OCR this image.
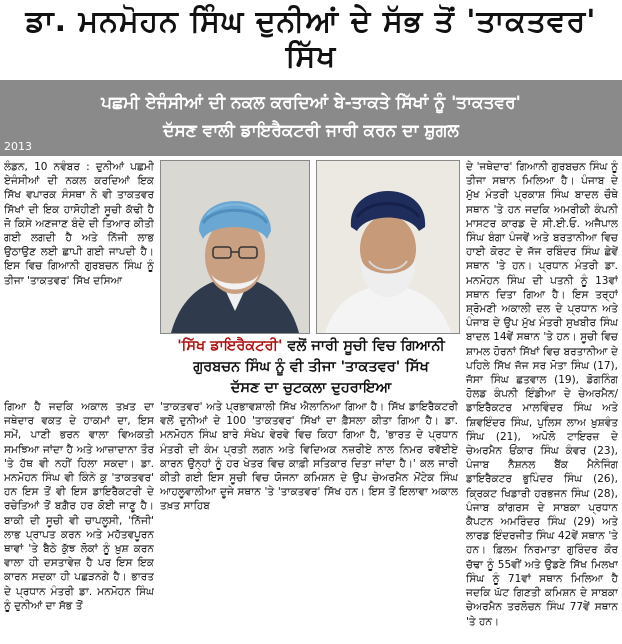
ਡਾ. ਮਨਮੋਹਨ ਸਿੰਘ ਦੁਨੀਆਂ ਦੇ ਸੱਭ ਤੋਂ 'ਤਾਕਤਵਰ' ਸਿੱਖ
ਪਛਮੀ ਏਜੰਸੀਆਂ ਦੀ ਨਕਲ ਕਰਦਿਆਂ ਬੇ-ਤਾਕਤੇ ਸਿੱਖਾਂ ਨੂੰ 'ਤਾਕਤਵਰ'
ਦੱਸਣ ਵਾਲੀ ਡਾਇਰੈਕਟਰੀ ਜਾਰੀ ਕਰਨ ਦਾ ਸ਼ੁਗਲ
2013
ਲੰਡਨ, 10 ਨਵੰਬਰ : ਦੁਨੀਆਂ ਪਛਮੀ ਏਜੰਸੀਆਂ ਦੀ ਨਕਲ ਕਰਦਿਆਂ ਇਕ ਸਿੱਖ ਵਪਾਰਕ ਸੰਸਥਾ ਨੇ ਵੀ ਤਾਕਤਵਰ ਸਿੱਖਾਂ ਦੀ ਇਕ ਹਾਸੋਹੀਣੀ ਸੂਚੀ ਕੱਢੀ ਹੈ ਜੋ ਕਿਸੇ ਅਣਜਾਣ ਬੰਦੇ ਦੀ ਤਿਆਰ ਕੀਤੀ ਗਈ ਲਗਦੀ ਹੈ ਅਤੇ ਨਿੱਜੀ ਲਾਭ ਉਠਾਉਣ ਲਈ ਛਾਪੀ ਗਈ ਜਾਪਦੀ ਹੈ। ਇਸ ਵਿਚ ਗਿਆਨੀ ਗੁਰਬਚਨ ਸਿੰਘ ਨੂੰ ਤੀਜਾ 'ਤਾਕਤਵਰ' ਸਿੱਖ ਦਸਿਆ
ਦੇ 'ਜਥੇਦਾਰ' ਗਿਆਨੀ ਗੁਰਬਚਨ ਸਿੰਘ ਨੂੰ ਤੀਜਾ ਸਥਾਨ ਮਿਲਿਆ ਹੈ। ਪੰਜਾਬ ਦੇ ਮੁੱਖ ਮੰਤਰੀ ਪ੍ਰਕਾਸ਼ ਸਿੰਘ ਬਾਦਲ ਚੌਥੇ ਸਥਾਨ 'ਤੇ ਹਨ ਜਦਕਿ ਅਮਰੀਕੀ ਕੰਪਨੀ ਮਾਸਟਰ ਕਾਰਡ ਦੇ ਸੀ.ਈ.ਓ. ਅਜੈਪਾਲ ਸਿੰਘ ਬੰਗਾ ਪੰਜਵੇਂ ਅਤੇ ਬਰਤਾਨੀਆ ਵਿਚ ਹਾਈ ਕੋਰਟ ਦੇ ਜੱਜ ਰਬਿੰਦਰ ਸਿੰਘ ਛੇਵੇਂ ਸਥਾਨ 'ਤੇ ਹਨ। ਪ੍ਰਧਾਨ ਮੰਤਰੀ ਡਾ. ਮਨਮੋਹਨ ਸਿੰਘ ਦੀ ਪਤਨੀ ਨੂੰ 13ਵਾਂ ਸਥਾਨ ਦਿਤਾ ਗਿਆ ਹੈ। ਇਸ ਤਰ੍ਹਾਂ ਸ਼੍ਰੋਮਣੀ ਅਕਾਲੀ ਦਲ ਦੇ ਪ੍ਰਧਾਨ ਅਤੇ ਪੰਜਾਬ ਦੇ ਉਪ ਮੁੱਖ ਮੰਤਰੀ ਸੁਖਬੀਰ ਸਿੰਘ ਬਾਦਲ 14ਵੇਂ ਸਥਾਨ 'ਤੇ ਹਨ। ਸੂਚੀ ਵਿਚ ਸ਼ਾਮਲ ਹੋਰਨਾਂ ਸਿੱਖਾਂ ਵਿਚ ਬਰਤਾਨੀਆ ਦੇ ਪਹਿਲੇ ਸਿੱਖ ਜੱਜ ਸਰ ਮੋਤਾ ਸਿੰਘ (17), ਜੱਸਾ ਸਿੰਘ ਛਤਵਾਲ (19), ਡੋਗਨਿੰਗ ਹੋਲਡ ਕੰਪਨੀ ਇੰਡੀਆ ਦੇ ਚੇਅਰਮੈਨ/ਡਾਇਰੈਕਟਰ ਮਾਲਵਿੰਦਰ ਸਿੰਘ ਅਤੇ ਸ਼ਿਵਇੰਦਰ ਸਿੰਘ, ਪੁਲਿਸ ਲਾਅ ਖ਼ੁਸ਼ਵੰਤ ਸਿੰਘ (21), ਅਪੋਲੋ ਟਾਇਰਜ਼ ਦੇ ਚੇਅਰਮੈਨ ਓਂਕਾਰ ਸਿੰਘ ਕੰਵਰ (23), ਪੰਜਾਬ ਨੈਸ਼ਨਲ ਬੈਂਕ ਮੈਨੇਜਿੰਗ ਡਾਇਰੈਕਟਰ ਭੁਪਿੰਦਰ ਸਿੰਘ (26), ਕ੍ਰਿਕਟ ਖਿਡਾਰੀ ਹਰਭਜਨ ਸਿੰਘ (28), ਪੰਜਾਬ ਕਾਂਗਰਸ ਦੇ ਸਾਬਕਾ ਪ੍ਰਧਾਨ ਕੈਪਟਨ ਅਮਰਿੰਦਰ ਸਿੰਘ (29) ਅਤੇ ਲਾਰਡ ਇੰਦਰਜੀਤ ਸਿੰਘ 42ਵੇਂ ਸਥਾਨ 'ਤੇ ਹਨ। ਫ਼ਿਲਮ ਨਿਰਮਾਤਾ ਗੁਰਿੰਦਰ ਕੌਰ ਚੱਢਾ ਨੂੰ 55ਵੀਂ ਅਤੇ ਉਡਣੇ ਸਿੱਖ ਮਿਲਖਾ ਸਿੰਘ ਨੂੰ 71ਵਾਂ ਸਥਾਨ ਮਿਲਿਆ ਹੈ ਜਦਕਿ ਘੱਟ ਗਿਣਤੀ ਕਮਿਸ਼ਨ ਦੇ ਸਾਬਕਾ ਚੇਅਰਮੈਨ ਤਰਲੋਚਨ ਸਿੰਘ 77ਵੇਂ ਸਥਾਨ 'ਤੇ ਹਨ।
'ਸਿੱਖ ਡਾਇਰੈਕਟਰੀ' ਵਲੋਂ ਜਾਰੀ ਸੂਚੀ ਵਿਚ ਗਿਆਨੀ
ਗੁਰਬਚਨ ਸਿੰਘ ਨੂੰ ਵੀ ਤੀਜਾ 'ਤਾਕਤਵਰ' ਸਿੱਖ
ਦੱਸਣ ਦਾ ਚੁਟਕਲਾ ਦੁਹਰਾਇਆ
ਗਿਆ ਹੈ ਜਦਕਿ ਅਕਾਲ ਤਖ਼ਤ ਦਾ ਜਥੇਦਾਰ ਵਕਤ ਦੇ ਹਾਕਮਾਂ ਦਾ, ਇਸ ਸਮੇਂ, ਪਾਣੀ ਭਰਨ ਵਾਲਾ ਵਿਅਕਤੀ ਸਮਝਿਆ ਜਾਂਦਾ ਹੈ ਅਤੇ ਆਜ਼ਾਦਾਨਾ ਤੌਰ 'ਤੇ ਹੱਥ ਵੀ ਨਹੀਂ ਹਿਲਾ ਸਕਦਾ। ਡਾ. ਮਨਮੋਹਨ ਸਿੰਘ ਵੀ ਕਿੰਨੇ ਕੁ 'ਤਾਕਤਵਰ' ਹਨ ਇਸ ਤੋਂ ਵੀ ਇਸ ਡਾਇਰੈਕਟਰੀ ਦੇ ਰਚੇਤਿਆਂ ਤੋਂ ਬਗ਼ੈਰ ਹਰ ਕੋਈ ਜਾਣੂ ਹੈ। ਬਾਕੀ ਦੀ ਸੂਚੀ ਵੀ ਚਾਪਲੂਸੀ, 'ਨਿੱਜੀ' ਲਾਭ ਪ੍ਰਾਪਤ ਕਰਨ ਅਤੇ ਮਹੱਤਵਪੂਰਨ ਥਾਵਾਂ 'ਤੇ ਬੈਠੇ ਕੁੱਝ ਲੋਕਾਂ ਨੂੰ ਖ਼ੁਸ਼ ਕਰਨ ਵਾਲਾ ਹੀ ਦਸਤਾਵੇਜ਼ ਹੈ ਪਰ ਇਸ ਇਕ ਕਾਰਨ ਸਦਕਾ ਹੀ ਪਛੜਨਗੇ ਹੈ। ਭਾਰਤ ਦੇ ਪ੍ਰਧਾਨ ਮੰਤਰੀ ਡਾ. ਮਨਮੋਹਨ ਸਿੰਘ ਨੂੰ ਦੁਨੀਆਂ ਦਾ ਸੱਭ ਤੋਂ
'ਤਾਕਤਵਰ' ਅਤੇ ਪ੍ਰਭਾਵਸ਼ਾਲੀ ਸਿੱਖ ਐਲਾਨਿਆ ਗਿਆ ਹੈ। ਸਿੱਖ ਡਾਇਰੈਕਟਰੀ ਵਲੋਂ ਦੁਨੀਆਂ ਦੇ 100 'ਤਾਕਤਵਰ' ਸਿੱਖਾਂ ਦਾ ਫ਼ੈਸਲਾ ਕੀਤਾ ਗਿਆ ਹੈ। ਡਾ. ਮਨਮੋਹਨ ਸਿੰਘ ਬਾਰੇ ਸੰਖੇਪ ਵੇਰਵੇ ਵਿਚ ਕਿਹਾ ਗਿਆ ਹੈ, 'ਭਾਰਤ ਦੇ ਪ੍ਰਧਾਨ ਮੰਤਰੀ ਦੀ ਕੰਮ ਪ੍ਰਤੀ ਲਗਨ ਅਤੇ ਵਿਦਿਅਕ ਨਜ਼ਰੀਏ ਨਾਲ ਨਿਮਰ ਰਵੱਈਏ ਕਾਰਨ ਉਨ੍ਹਾਂ ਨੂੰ ਹਰ ਖੇਤਰ ਵਿਚ ਕਾਫ਼ੀ ਸਤਿਕਾਰ ਦਿਤਾ ਜਾਂਦਾ ਹੈ।' ਕਲ ਜਾਰੀ ਕੀਤੀ ਗਈ ਇਸ ਸੂਚੀ ਵਿਚ ਯੋਜਨਾ ਕਮਿਸ਼ਨ ਦੇ ਉਪ ਚੇਅਰਮੈਨ ਮੋਂਟੇਕ ਸਿੰਘ ਆਹਲੂਵਾਲੀਆ ਦੂਜੇ ਸਥਾਨ 'ਤੇ 'ਤਾਕਤਵਰ' ਸਿੱਖ ਹਨ। ਇਸ ਤੋਂ ਇਲਾਵਾ ਅਕਾਲ ਤਖ਼ਤ ਸਾਹਿਬ
